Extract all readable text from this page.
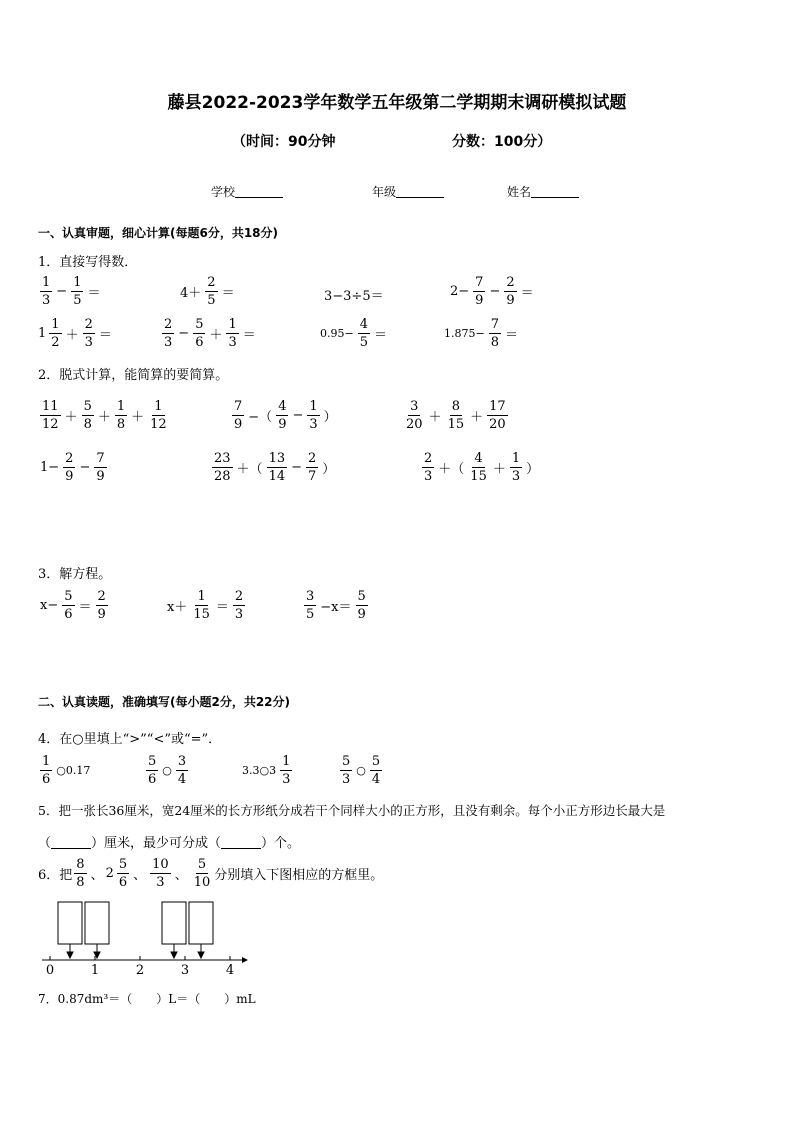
藤县2022-2023学年数学五年级第二学期期末调研模拟试题
（时间：90分钟	分数：100分）
学校	年级	姓名
一、认真审题，细心计算(每题6分，共18分)
1．直接写得数．
$\frac{1}{3} - \frac{1}{5}$ ＝	$4+ \frac{2}{5}$ ＝	3−3÷5＝	$2- \frac{7}{9} - \frac{2}{9}$ ＝
$1 \frac{1}{2} + \frac{2}{3}$ ＝	$\frac{2}{3} - \frac{5}{6} + \frac{1}{3}$ ＝	$0.95- \frac{4}{5}$ ＝	$1.875- \frac{7}{8}$ ＝
2．脱式计算，能简算的要简算。
$\frac{11}{12} + \frac{5}{8} + \frac{1}{8} + \frac{1}{12}$	$\frac{7}{9}$ −（ $\frac{4}{9} - \frac{1}{3}$ ）	$\frac{3}{20} + \frac{8}{15} + \frac{17}{20}$
$1- \frac{2}{9} - \frac{7}{9}$	$\frac{23}{28}$ ＋（ $\frac{13}{14} - \frac{2}{7}$ ）	$\frac{2}{3}$ ＋（ $\frac{4}{15} + \frac{1}{3}$ ）
3．解方程。
$x- \frac{5}{6} = \frac{2}{9}$	$x+ \frac{1}{15} = \frac{2}{3}$	$\frac{3}{5} -x= \frac{5}{9}$
二、认真读题，准确填写(每小题2分，共22分)
4．在○里填上“>”“<”或“=”．
$\frac{1}{6}$ ○0.17	$\frac{5}{6}$ ○ $\frac{3}{4}$	3.3○3 $\frac{1}{3}$	$\frac{5}{3}$ ○ $\frac{5}{4}$
5．把一张长36厘米，宽24厘米的长方形纸分成若干个同样大小的正方形，且没有剩余。每个小正方形边长最大是
（	）厘米，最少可分成（	）个。
6．把 $\frac{8}{8}$ 、 $2 \frac{5}{6}$ 、 $\frac{10}{3}$ 、 $\frac{5}{10}$ 分别填入下图相应的方框里。
0	1	2	3	4
7．0.87dm³＝（　　）L＝（　　）mL
